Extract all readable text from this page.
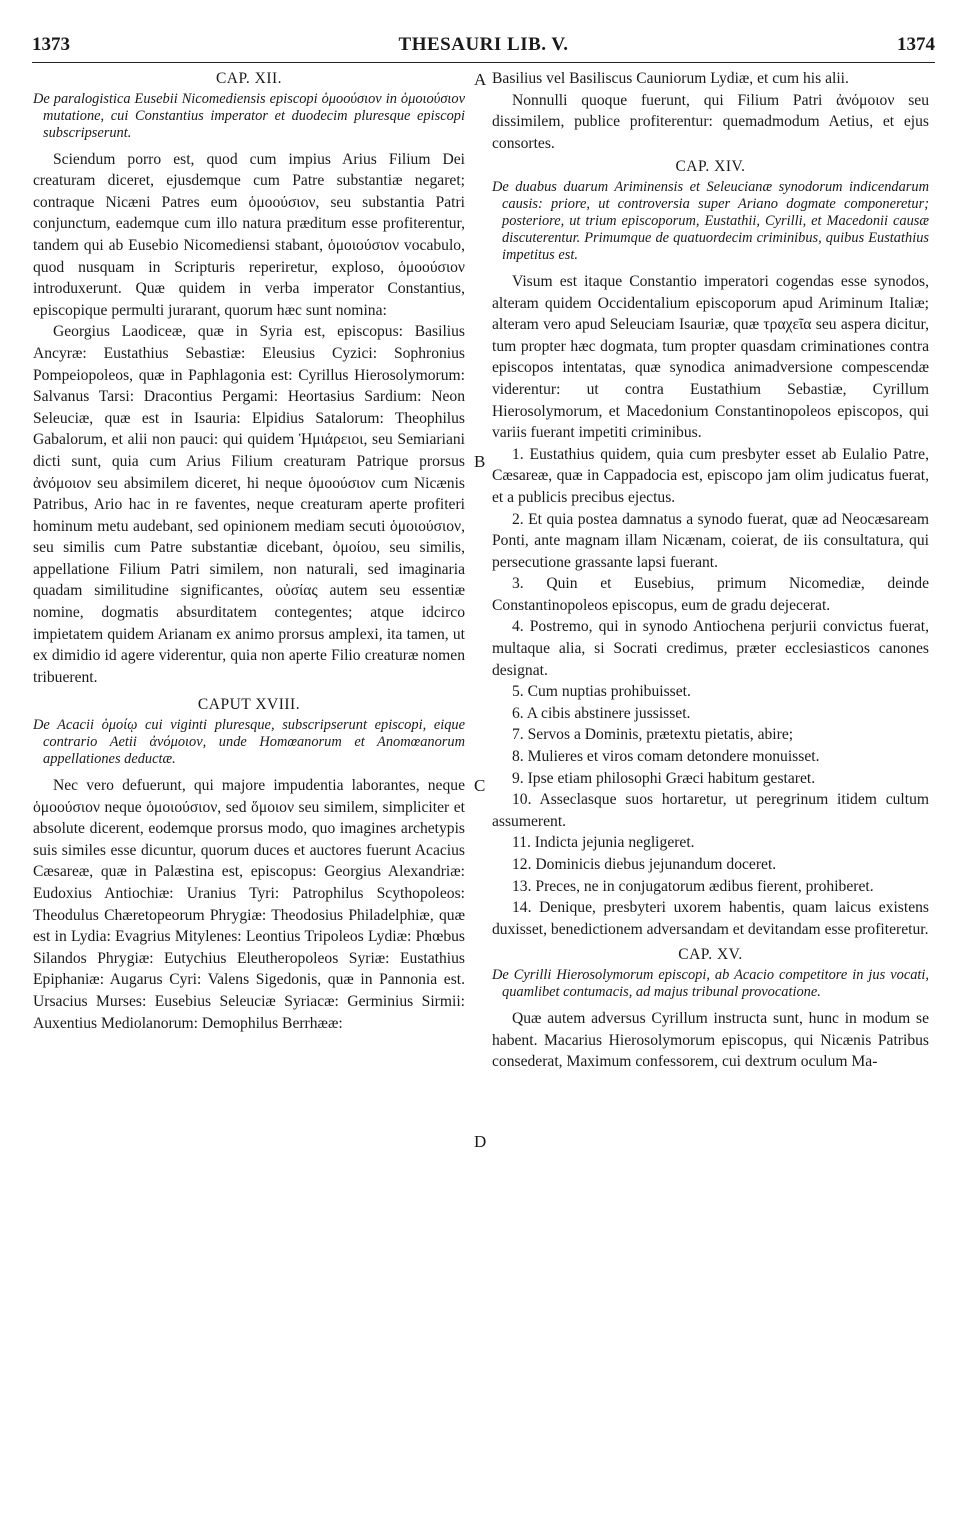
1373	THESAURI LIB. V.	1374
A
B
C
D
CAP. XII.
De paralogistica Eusebii Nicomediensis episcopi ὁμοούσιον in ὁμοιούσιον mutatione, cui Constantius imperator et duodecim pluresque episcopi subscripserunt.

Sciendum porro est, quod cum impius Arius Filium Dei creaturam diceret, ejusdemque cum Patre substantiæ negaret; contraque Nicæni Patres eum ὁμοούσιον, seu substantia Patri conjunctum, eademque cum illo natura præditum esse profiterentur, tandem qui ab Eusebio Nicomediensi stabant, ὁμοιούσιον vocabulo, quod nusquam in Scripturis reperiretur, exploso, ὁμοούσιον introduxerunt. Quæ quidem in verba imperator Constantius, episcopique permulti jurarant, quorum hæc sunt nomina:

Georgius Laodiceæ, quæ in Syria est, episcopus: Basilius Ancyræ: Eustathius Sebastiæ: Eleusius Cyzici: Sophronius Pompeiopoleos, quæ in Paphlagonia est: Cyrillus Hierosolymorum: Salvanus Tarsi: Dracontius Pergami: Heortasius Sardium: Neon Seleuciæ, quæ est in Isauria: Elpidius Satalorum: Theophilus Gabalorum, et alii non pauci: qui quidem Ἡμιάρειοι, seu Semiariani dicti sunt, quia cum Arius Filium creaturam Patrique prorsus ἀνόμοιον seu absimilem diceret, hi neque ὁμοούσιον cum Nicænis Patribus, Ario hac in re faventes, neque creaturam aperte profiteri hominum metu audebant, sed opinionem mediam secuti ὁμοιούσιον, seu similis cum Patre substantiæ dicebant, ὁμοίου, seu similis, appellatione Filium Patri similem, non naturali, sed imaginaria quadam similitudine significantes, οὐσίας autem seu essentiæ nomine, dogmatis absurditatem contegentes; atque idcirco impietatem quidem Arianam ex animo prorsus amplexi, ita tamen, ut ex dimidio id agere viderentur, quia non aperte Filio creaturæ nomen tribuerent.

CAPUT XVIII.
De Acacii ὁμοίῳ cui viginti pluresque, subscripserunt episcopi, eique contrario Aetii ἀνόμοιον, unde Homœanorum et Anomœanorum appellationes deductæ.

Nec vero defuerunt, qui majore impudentia laborantes, neque ὁμοούσιον neque ὁμοιούσιον, sed ὅμοιον seu similem, simpliciter et absolute dicerent, eodemque prorsus modo, quo imagines archetypis suis similes esse dicuntur, quorum duces et auctores fuerunt Acacius Cæsareæ, quæ in Palæstina est, episcopus: Georgius Alexandriæ: Eudoxius Antiochiæ: Uranius Tyri: Patrophilus Scythopoleos: Theodulus Chæretopeorum Phrygiæ: Theodosius Philadelphiæ, quæ est in Lydia: Evagrius Mitylenes: Leontius Tripoleos Lydiæ: Phœbus Silandos Phrygiæ: Eutychius Eleutheropoleos Syriæ: Eustathius Epiphaniæ: Augarus Cyri: Valens Sigedonis, quæ in Pannonia est. Ursacius Murses: Eusebius Seleuciæ Syriacæ: Germinius Sirmii: Auxentius Mediolanorum: Demophilus Berrhææ:

Basilius vel Basiliscus Cauniorum Lydiæ, et cum his alii.

Nonnulli quoque fuerunt, qui Filium Patri ἀνόμοιον seu dissimilem, publice profiterentur: quemadmodum Aetius, et ejus consortes.

CAP. XIV.
De duabus duarum Ariminensis et Seleucianæ synodorum indicendarum causis: priore, ut controversia super Ariano dogmate componeretur; posteriore, ut trium episcoporum, Eustathii, Cyrilli, et Macedonii causæ discuterentur. Primumque de quatuordecim criminibus, quibus Eustathius impetitus est.

Visum est itaque Constantio imperatori cogendas esse synodos, alteram quidem Occidentalium episcoporum apud Ariminum Italiæ; alteram vero apud Seleuciam Isauriæ, quæ τραχεῖα seu aspera dicitur, tum propter hæc dogmata, tum propter quasdam criminationes contra episcopos intentatas, quæ synodica animadversione compescendæ viderentur: ut contra Eustathium Sebastiæ, Cyrillum Hierosolymorum, et Macedonium Constantinopoleos episcopos, qui variis fuerant impetiti criminibus.

1. Eustathius quidem, quia cum presbyter esset ab Eulalio Patre, Cæsareæ, quæ in Cappadocia est, episcopo jam olim judicatus fuerat, et a publicis precibus ejectus.

2. Et quia postea damnatus a synodo fuerat, quæ ad Neocæsaream Ponti, ante magnam illam Nicænam, coierat, de iis consultatura, qui persecutione grassante lapsi fuerant.

3. Quin et Eusebius, primum Nicomediæ, deinde Constantinopoleos episcopus, eum de gradu dejecerat.

4. Postremo, qui in synodo Antiochena perjurii convictus fuerat, multaque alia, si Socrati credimus, præter ecclesiasticos canones designat.

5. Cum nuptias prohibuisset.

6. A cibis abstinere jussisset.

7. Servos a Dominis, prætextu pietatis, abire;

8. Mulieres et viros comam detondere monuisset.

9. Ipse etiam philosophi Græci habitum gestaret.

10. Asseclasque suos hortaretur, ut peregrinum itidem cultum assumerent.

11. Indicta jejunia negligeret.

12. Dominicis diebus jejunandum doceret.

13. Preces, ne in conjugatorum ædibus fierent, prohiberet.

14. Denique, presbyteri uxorem habentis, quam laicus existens duxisset, benedictionem adversandam et devitandam esse profiteretur.

CAP. XV.
De Cyrilli Hierosolymorum episcopi, ab Acacio competitore in jus vocati, quamlibet contumacis, ad majus tribunal provocatione.

Quæ autem adversus Cyrillum instructa sunt, hunc in modum se habent. Macarius Hierosolymorum episcopus, qui Nicænis Patribus consederat, Maximum confessorem, cui dextrum oculum Ma-
